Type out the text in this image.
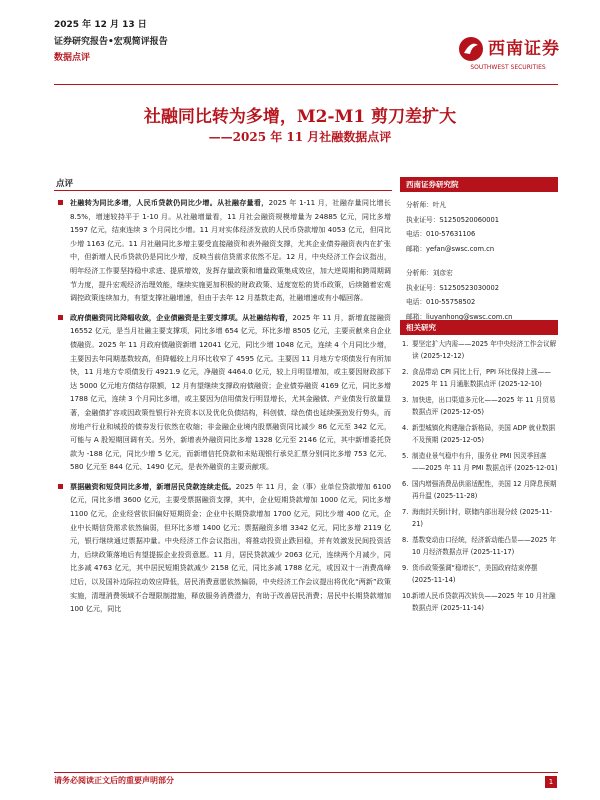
2025 年 12 月 13 日
证券研究报告•宏观简评报告
数据点评	西南证券
SOUTHWEST SECURITIES
社融同比转为多增，M2-M1 剪刀差扩大
——2025 年 11 月社融数据点评
点评
社融转为同比多增，人民币贷款仍同比少增。从社融存量看，2025 年 1-11 月，社融存量同比增长 8.5%，增速较持平于 1-10 月。从社融增量看，11 月社会融资规模增量为 24885 亿元，同比多增 1597 亿元，结束连续 3 个月同比少增。11 月对实体经济发放的人民币贷款增加 4053 亿元，但同比少增 1163 亿元。11 月社融同比多增主要受直接融资和表外融资支撑，尤其企业债券融资表内在扩张中，但新增人民币贷款仍是同比少增，反映当前信贷需求依然不足。12 月，中央经济工作会议指出，明年经济工作要坚持稳中求进、提质增效，发挥存量政策和增量政策集成效应，加大逆周期和跨周期调节力度，提升宏观经济治理效能，继续实施更加积极的财政政策、适度宽松的货币政策，后续随着宏观调控政策连续加力，有望支撑社融增速，但由于去年 12 月基数走高，社融增速或有小幅回落。
政府债融资同比降幅收敛，企业债融资是主要支撑项。从社融结构看，2025 年 11 月，新增直接融资 16552 亿元，是当月社融主要支撑项，同比多增 654 亿元，环比多增 8505 亿元，主要贡献来自企业债融资。2025 年 11 月政府债融资新增 12041 亿元，同比少增 1048 亿元，连续 4 个月同比少增，主要因去年同期基数较高，但降幅较上月环比收窄了 4595 亿元。主要因 11 月地方专项债发行有所加快，11 月地方专项债发行 4921.9 亿元，净融资 4464.0 亿元，较上月明显增加，或主要因财政部下达 5000 亿元地方债结存限额，12 月有望继续支撑政府债融资；企业债券融资 4169 亿元，同比多增 1788 亿元，连续 3 个月同比多增，或主要因为信用债发行明显增长，尤其金融债、产业债发行放量显著，金融债扩容或因政策性银行补充资本以及优化负债结构，科创债、绿色债也延续强劲发行势头，而房地产行业和城投的债券发行依然在收缩；非金融企业境内股票融资同比减少 86 亿元至 342 亿元，可能与 A 股短期回调有关。另外，新增表外融资同比多增 1328 亿元至 2146 亿元，其中新增委托贷款为 -188 亿元，同比少增 5 亿元，而新增信托贷款和未贴现银行承兑汇票分别同比多增 753 亿元、580 亿元至 844 亿元、1490 亿元，是表外融资的主要贡献项。
票据融资和短贷同比多增，新增居民贷款连续走低。2025 年 11 月，金（事）业单位贷款增加 6100 亿元，同比多增 3600 亿元，主要受票据融资支撑，其中，企业短期贷款增加 1000 亿元，同比多增 1100 亿元，企业经营依旧偏好短期资金；企业中长期贷款增加 1700 亿元，同比少增 400 亿元，企业中长期信贷需求依然偏弱，但环比多增 1400 亿元；票据融资多增 3342 亿元，同比多增 2119 亿元，银行继续通过票据冲量。中央经济工作会议指出，将推动投资止跌回稳，并有效激发民间投资活力，后续政策落地后有望提振企业投资意愿。11 月，居民贷款减少 2063 亿元，连续两个月减少，同比多减 4763 亿元，其中居民短期贷款减少 2158 亿元，同比多减 1788 亿元，或因双十一消费高峰过后，以及国补边际拉动效应降低，居民消费意愿依然偏弱，中央经济工作会议提出将优化“两新”政策实施，清理消费领域不合理限制措施，释放服务消费潜力，有助于改善居民消费；居民中长期贷款增加 100 亿元，同比
西南证券研究院
分析师：叶凡
执业证号：S1250520060001
电话：010-57631106
邮箱：yefan@swsc.com.cn
分析师：刘彦宏
执业证号：S1250523030002
电话：010-55758502
邮箱：liuyanhong@swsc.com.cn
相关研究
1. 要坚定扩大内需——2025 年中央经济工作会议解读 (2025-12-12)
2. 食品带动 CPI 同比上行，PPI 环比保持上涨——2025 年 11 月通胀数据点评 (2025-12-10)
3. 加快进，出口渠道多元化——2025 年 11 月贸易数据点评 (2025-12-05)
4. 新型城镇化构建融合新格局，美国 ADP 就业数据不及预期 (2025-12-05)
5. 制造业景气稳中有升，服务业 PMI 因灵季回落——2025 年 11 月 PMI 数据点评 (2025-12-01)
6. 国内增强消费品供需适配性，美国 12 月降息预期再升温 (2025-11-28)
7. 海南封关倒计时，联储内部出现分歧 (2025-11-21)
8. 基数变动由口径统，经济新动能凸显——2025 年 10 月经济数据点评 (2025-11-17)
9. 货币政策强调“稳增长”，美国政府结束停摆 (2025-11-14)
10. 新增人民币贷款再次转负——2025 年 10 月社融数据点评 (2025-11-14)
请务必阅读正文后的重要声明部分	1
